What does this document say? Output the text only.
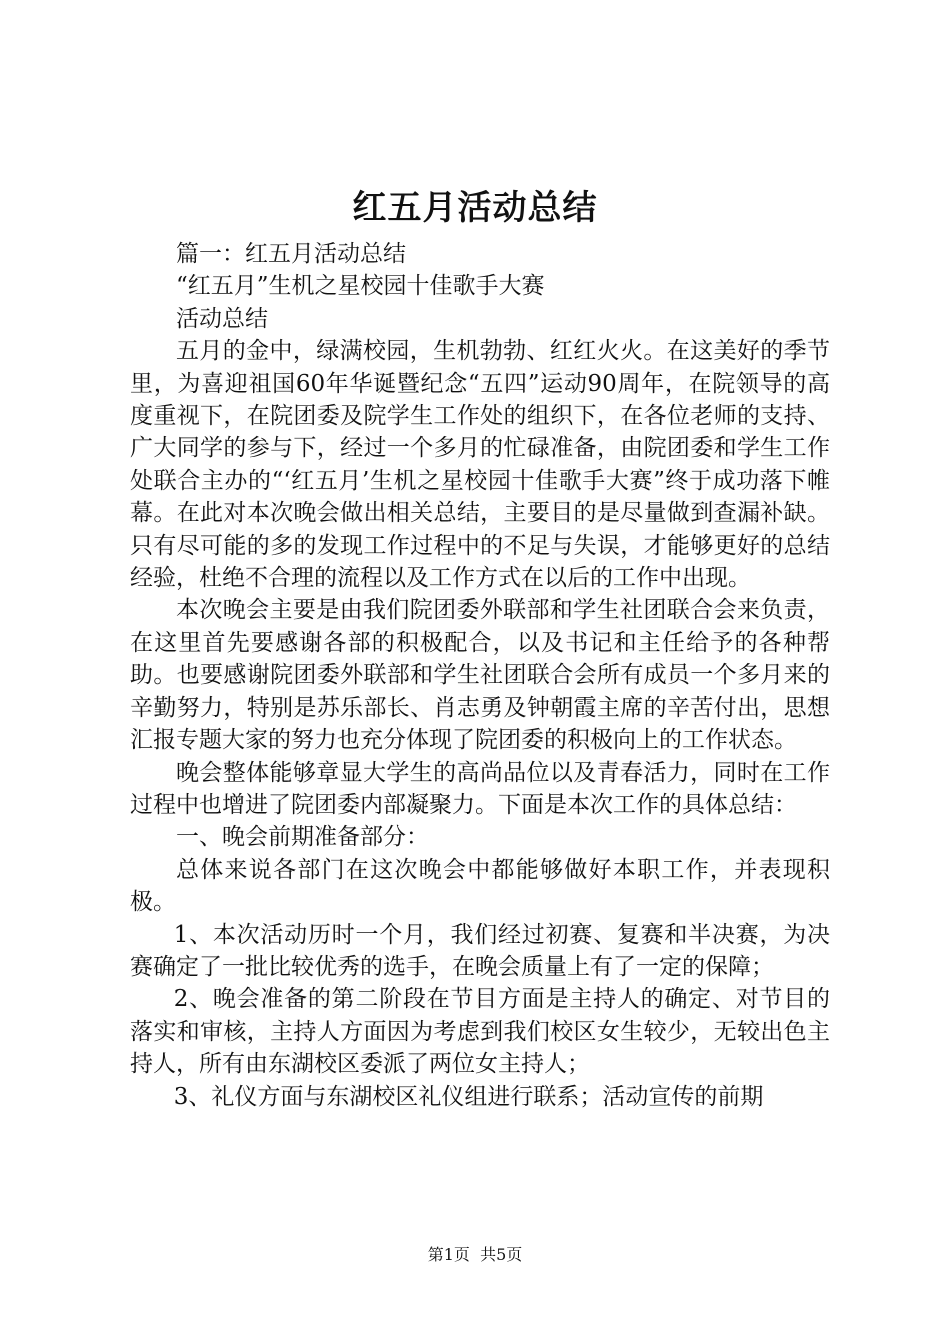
红五月活动总结

篇一：红五月活动总结

“红五月”生机之星校园十佳歌手大赛

活动总结

五月的金中，绿满校园，生机勃勃、红红火火。在这美好的季节里，为喜迎祖国60年华诞暨纪念“五四”运动90周年，在院领导的高度重视下，在院团委及院学生工作处的组织下，在各位老师的支持、广大同学的参与下，经过一个多月的忙碌准备，由院团委和学生工作处联合主办的“‘红五月’生机之星校园十佳歌手大赛”终于成功落下帷幕。在此对本次晚会做出相关总结，主要目的是尽量做到查漏补缺。只有尽可能的多的发现工作过程中的不足与失误，才能够更好的总结经验，杜绝不合理的流程以及工作方式在以后的工作中出现。

本次晚会主要是由我们院团委外联部和学生社团联合会来负责，在这里首先要感谢各部的积极配合，以及书记和主任给予的各种帮助。也要感谢院团委外联部和学生社团联合会所有成员一个多月来的辛勤努力，特别是苏乐部长、肖志勇及钟朝霞主席的辛苦付出，思想汇报专题大家的努力也充分体现了院团委的积极向上的工作状态。

晚会整体能够章显大学生的高尚品位以及青春活力，同时在工作过程中也增进了院团委内部凝聚力。下面是本次工作的具体总结：

一、晚会前期准备部分：

总体来说各部门在这次晚会中都能够做好本职工作，并表现积极。

1、本次活动历时一个月，我们经过初赛、复赛和半决赛，为决赛确定了一批比较优秀的选手，在晚会质量上有了一定的保障；

2、晚会准备的第二阶段在节目方面是主持人的确定、对节目的落实和审核，主持人方面因为考虑到我们校区女生较少，无较出色主持人，所有由东湖校区委派了两位女主持人；

3、礼仪方面与东湖校区礼仪组进行联系；活动宣传的前期

第1页 共5页
